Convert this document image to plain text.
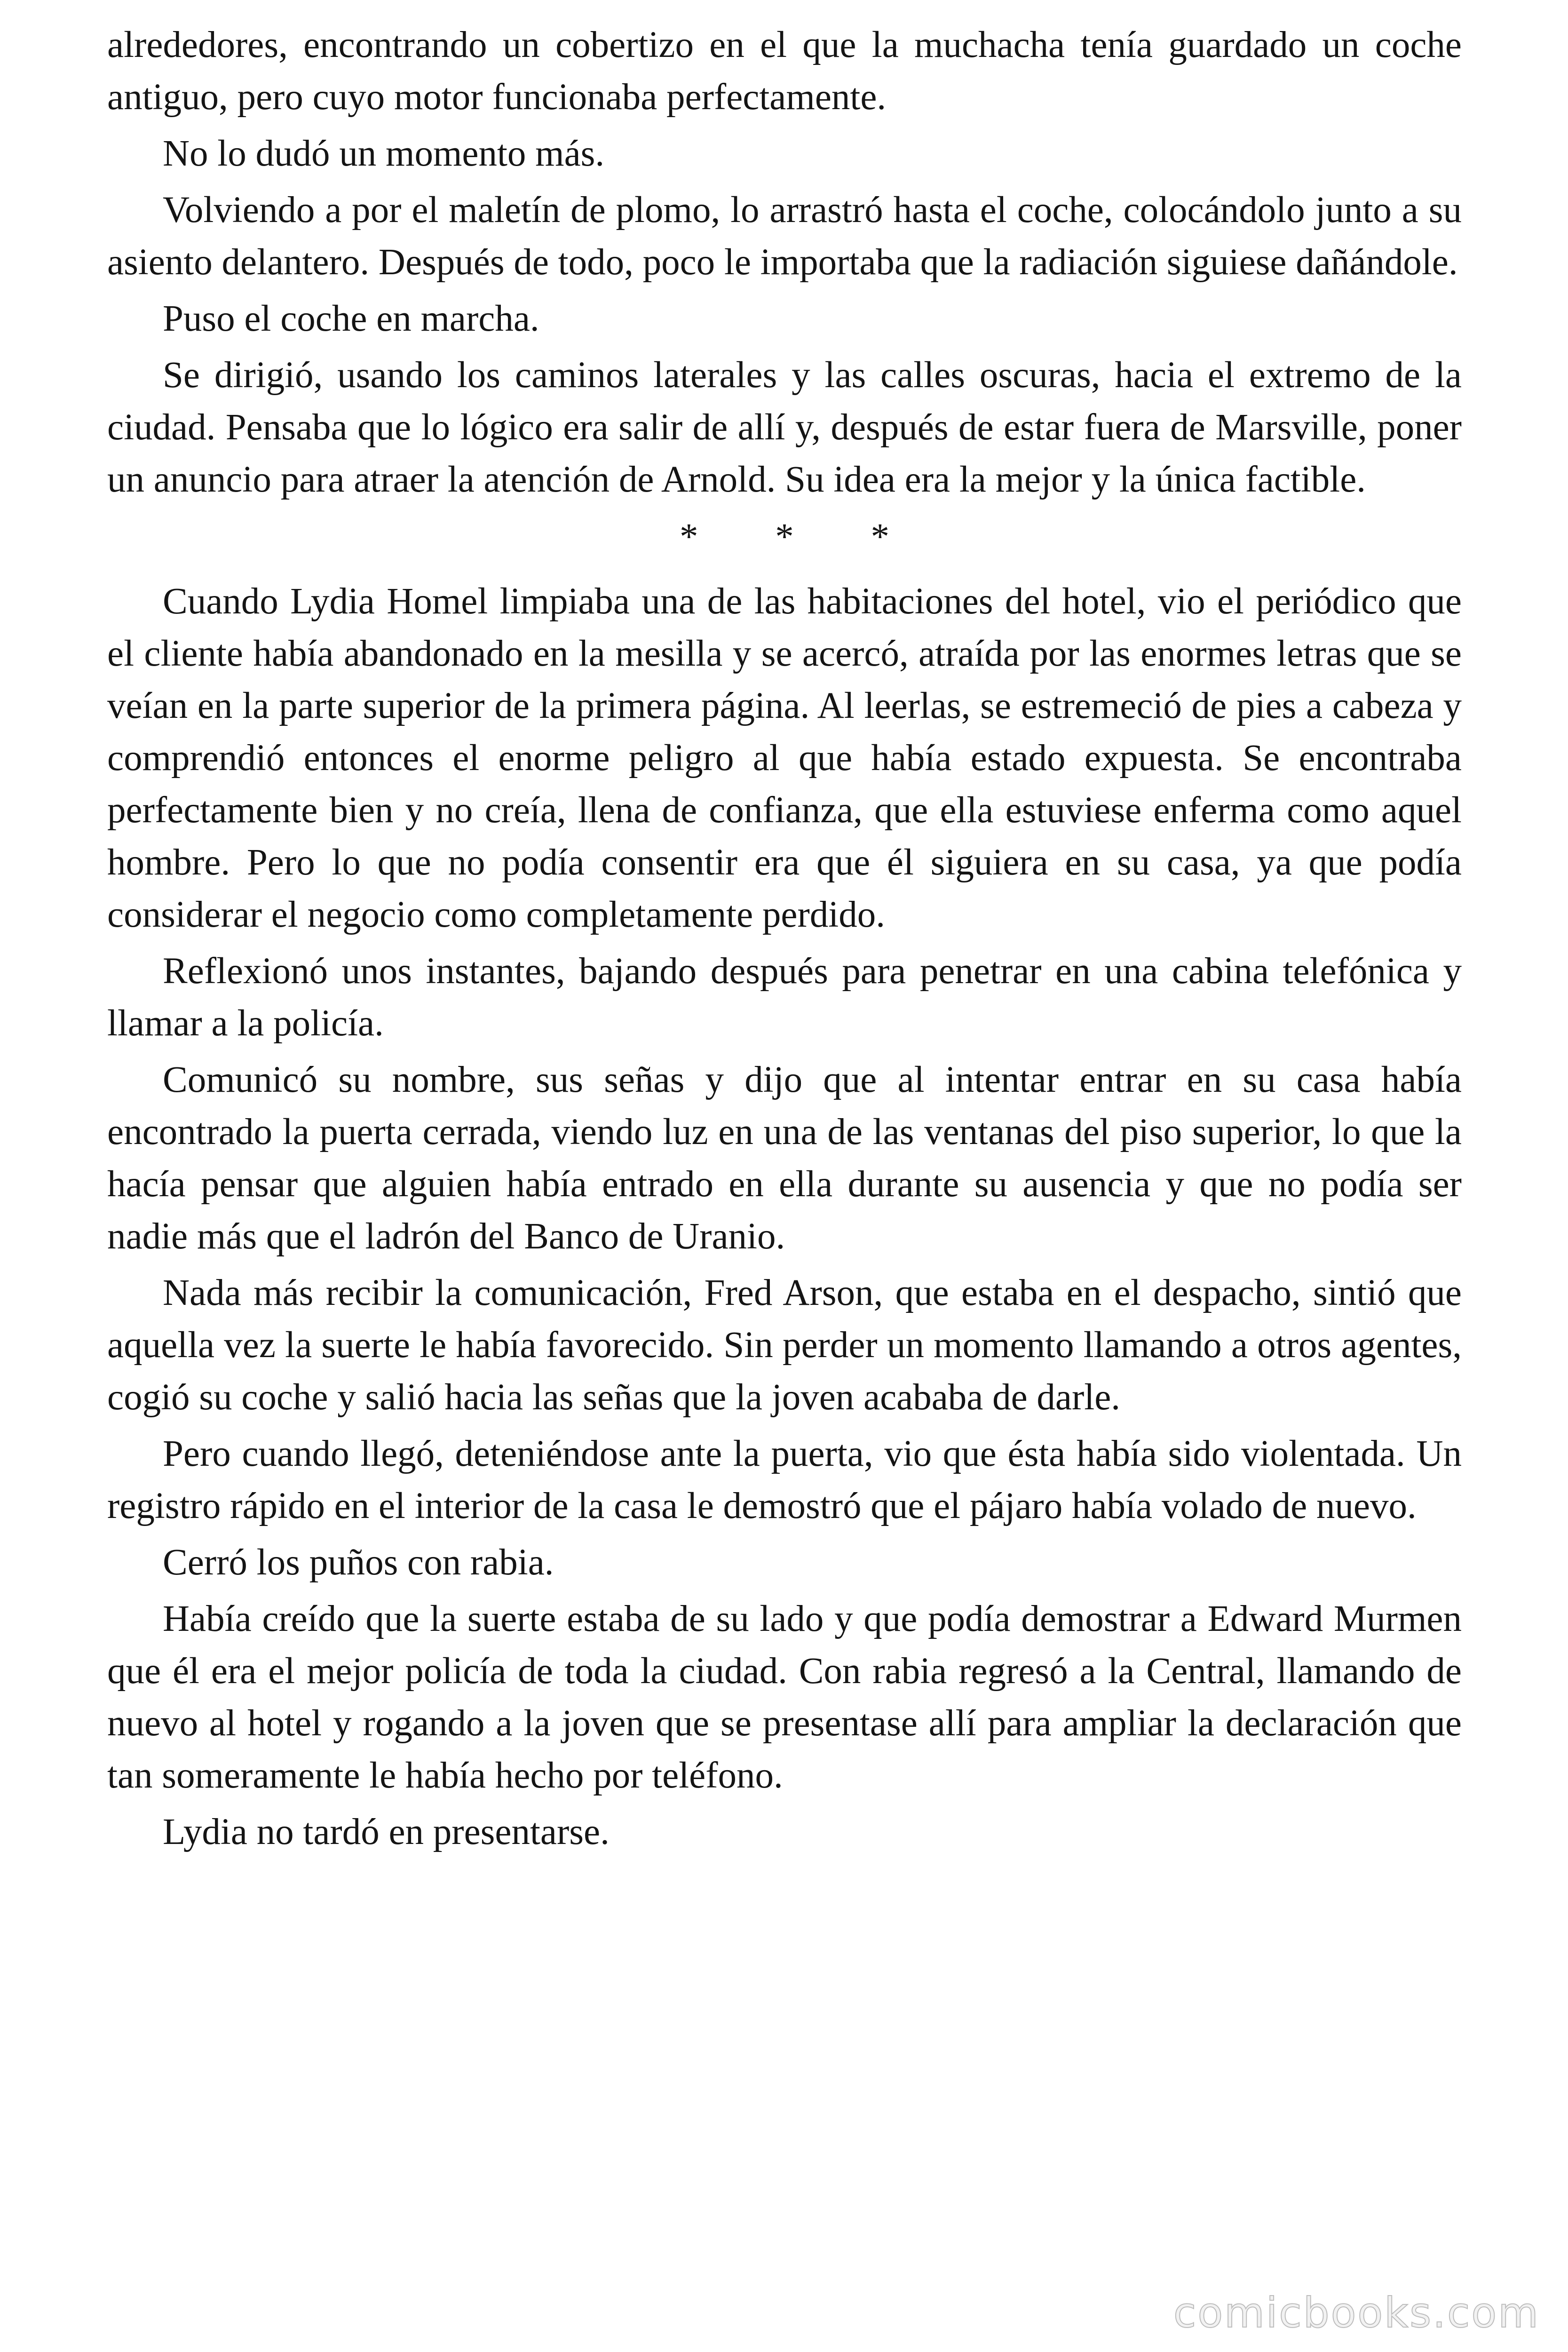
alrededores, encontrando un cobertizo en el que la muchacha tenía guardado un coche antiguo, pero cuyo motor funcionaba perfectamente.

No lo dudó un momento más.

Volviendo a por el maletín de plomo, lo arrastró hasta el coche, colocándolo junto a su asiento delantero. Después de todo, poco le importaba que la radiación siguiese dañándole.

Puso el coche en marcha.

Se dirigió, usando los caminos laterales y las calles oscuras, hacia el extremo de la ciudad. Pensaba que lo lógico era salir de allí y, después de estar fuera de Marsville, poner un anuncio para atraer la atención de Arnold. Su idea era la mejor y la única factible.

* * *

Cuando Lydia Homel limpiaba una de las habitaciones del hotel, vio el periódico que el cliente había abandonado en la mesilla y se acercó, atraída por las enormes letras que se veían en la parte superior de la primera página. Al leerlas, se estremeció de pies a cabeza y comprendió entonces el enorme peligro al que había estado expuesta. Se encontraba perfectamente bien y no creía, llena de confianza, que ella estuviese enferma como aquel hombre. Pero lo que no podía consentir era que él siguiera en su casa, ya que podía considerar el negocio como completamente perdido.

Reflexionó unos instantes, bajando después para penetrar en una cabina telefónica y llamar a la policía.

Comunicó su nombre, sus señas y dijo que al intentar entrar en su casa había encontrado la puerta cerrada, viendo luz en una de las ventanas del piso superior, lo que la hacía pensar que alguien había entrado en ella durante su ausencia y que no podía ser nadie más que el ladrón del Banco de Uranio.

Nada más recibir la comunicación, Fred Arson, que estaba en el despacho, sintió que aquella vez la suerte le había favorecido. Sin perder un momento llamando a otros agentes, cogió su coche y salió hacia las señas que la joven acababa de darle.

Pero cuando llegó, deteniéndose ante la puerta, vio que ésta había sido violentada. Un registro rápido en el interior de la casa le demostró que el pájaro había volado de nuevo.

Cerró los puños con rabia.

Había creído que la suerte estaba de su lado y que podía demostrar a Edward Murmen que él era el mejor policía de toda la ciudad. Con rabia regresó a la Central, llamando de nuevo al hotel y rogando a la joven que se presentase allí para ampliar la declaración que tan someramente le había hecho por teléfono.

Lydia no tardó en presentarse.

comicbooks.com
